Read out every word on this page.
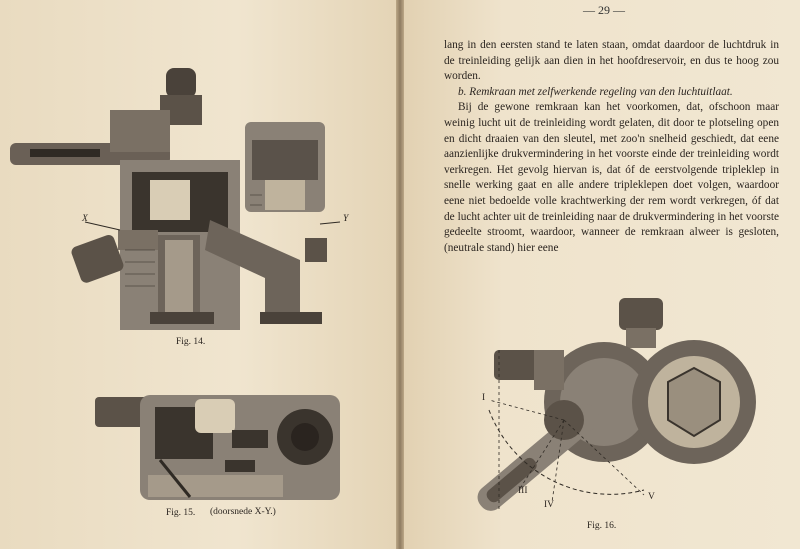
X	Y
Fig. 14.
Fig. 15. (doorsnede X-Y.)
— 29 —

lang in den eersten stand te laten staan, omdat daardoor de luchtdruk in de treinleiding gelijk aan dien in het hoofdreservoir, en dus te hoog zou worden.

b. Remkraan met zelfwerkende regeling van den luchtuitlaat.

Bij de gewone remkraan kan het voorkomen, dat, ofschoon maar weinig lucht uit de treinleiding wordt gelaten, dit door te plotseling open en dicht draaien van den sleutel, met zoo'n snelheid geschiedt, dat eene aanzienlijke drukvermindering in het voorste einde der treinleiding wordt verkregen. Het gevolg hiervan is, dat óf de eerstvolgende tripleklep in snelle werking gaat en alle andere tripleklepen doet volgen, waardoor eene niet bedoelde volle krachtwerking der rem wordt verkregen, óf dat de lucht achter uit de treinleiding naar de drukvermindering in het voorste gedeelte stroomt, waardoor, wanneer de remkraan alweer is gesloten, (neutrale stand) hier eene

I
III
IV
V
Fig. 16.
